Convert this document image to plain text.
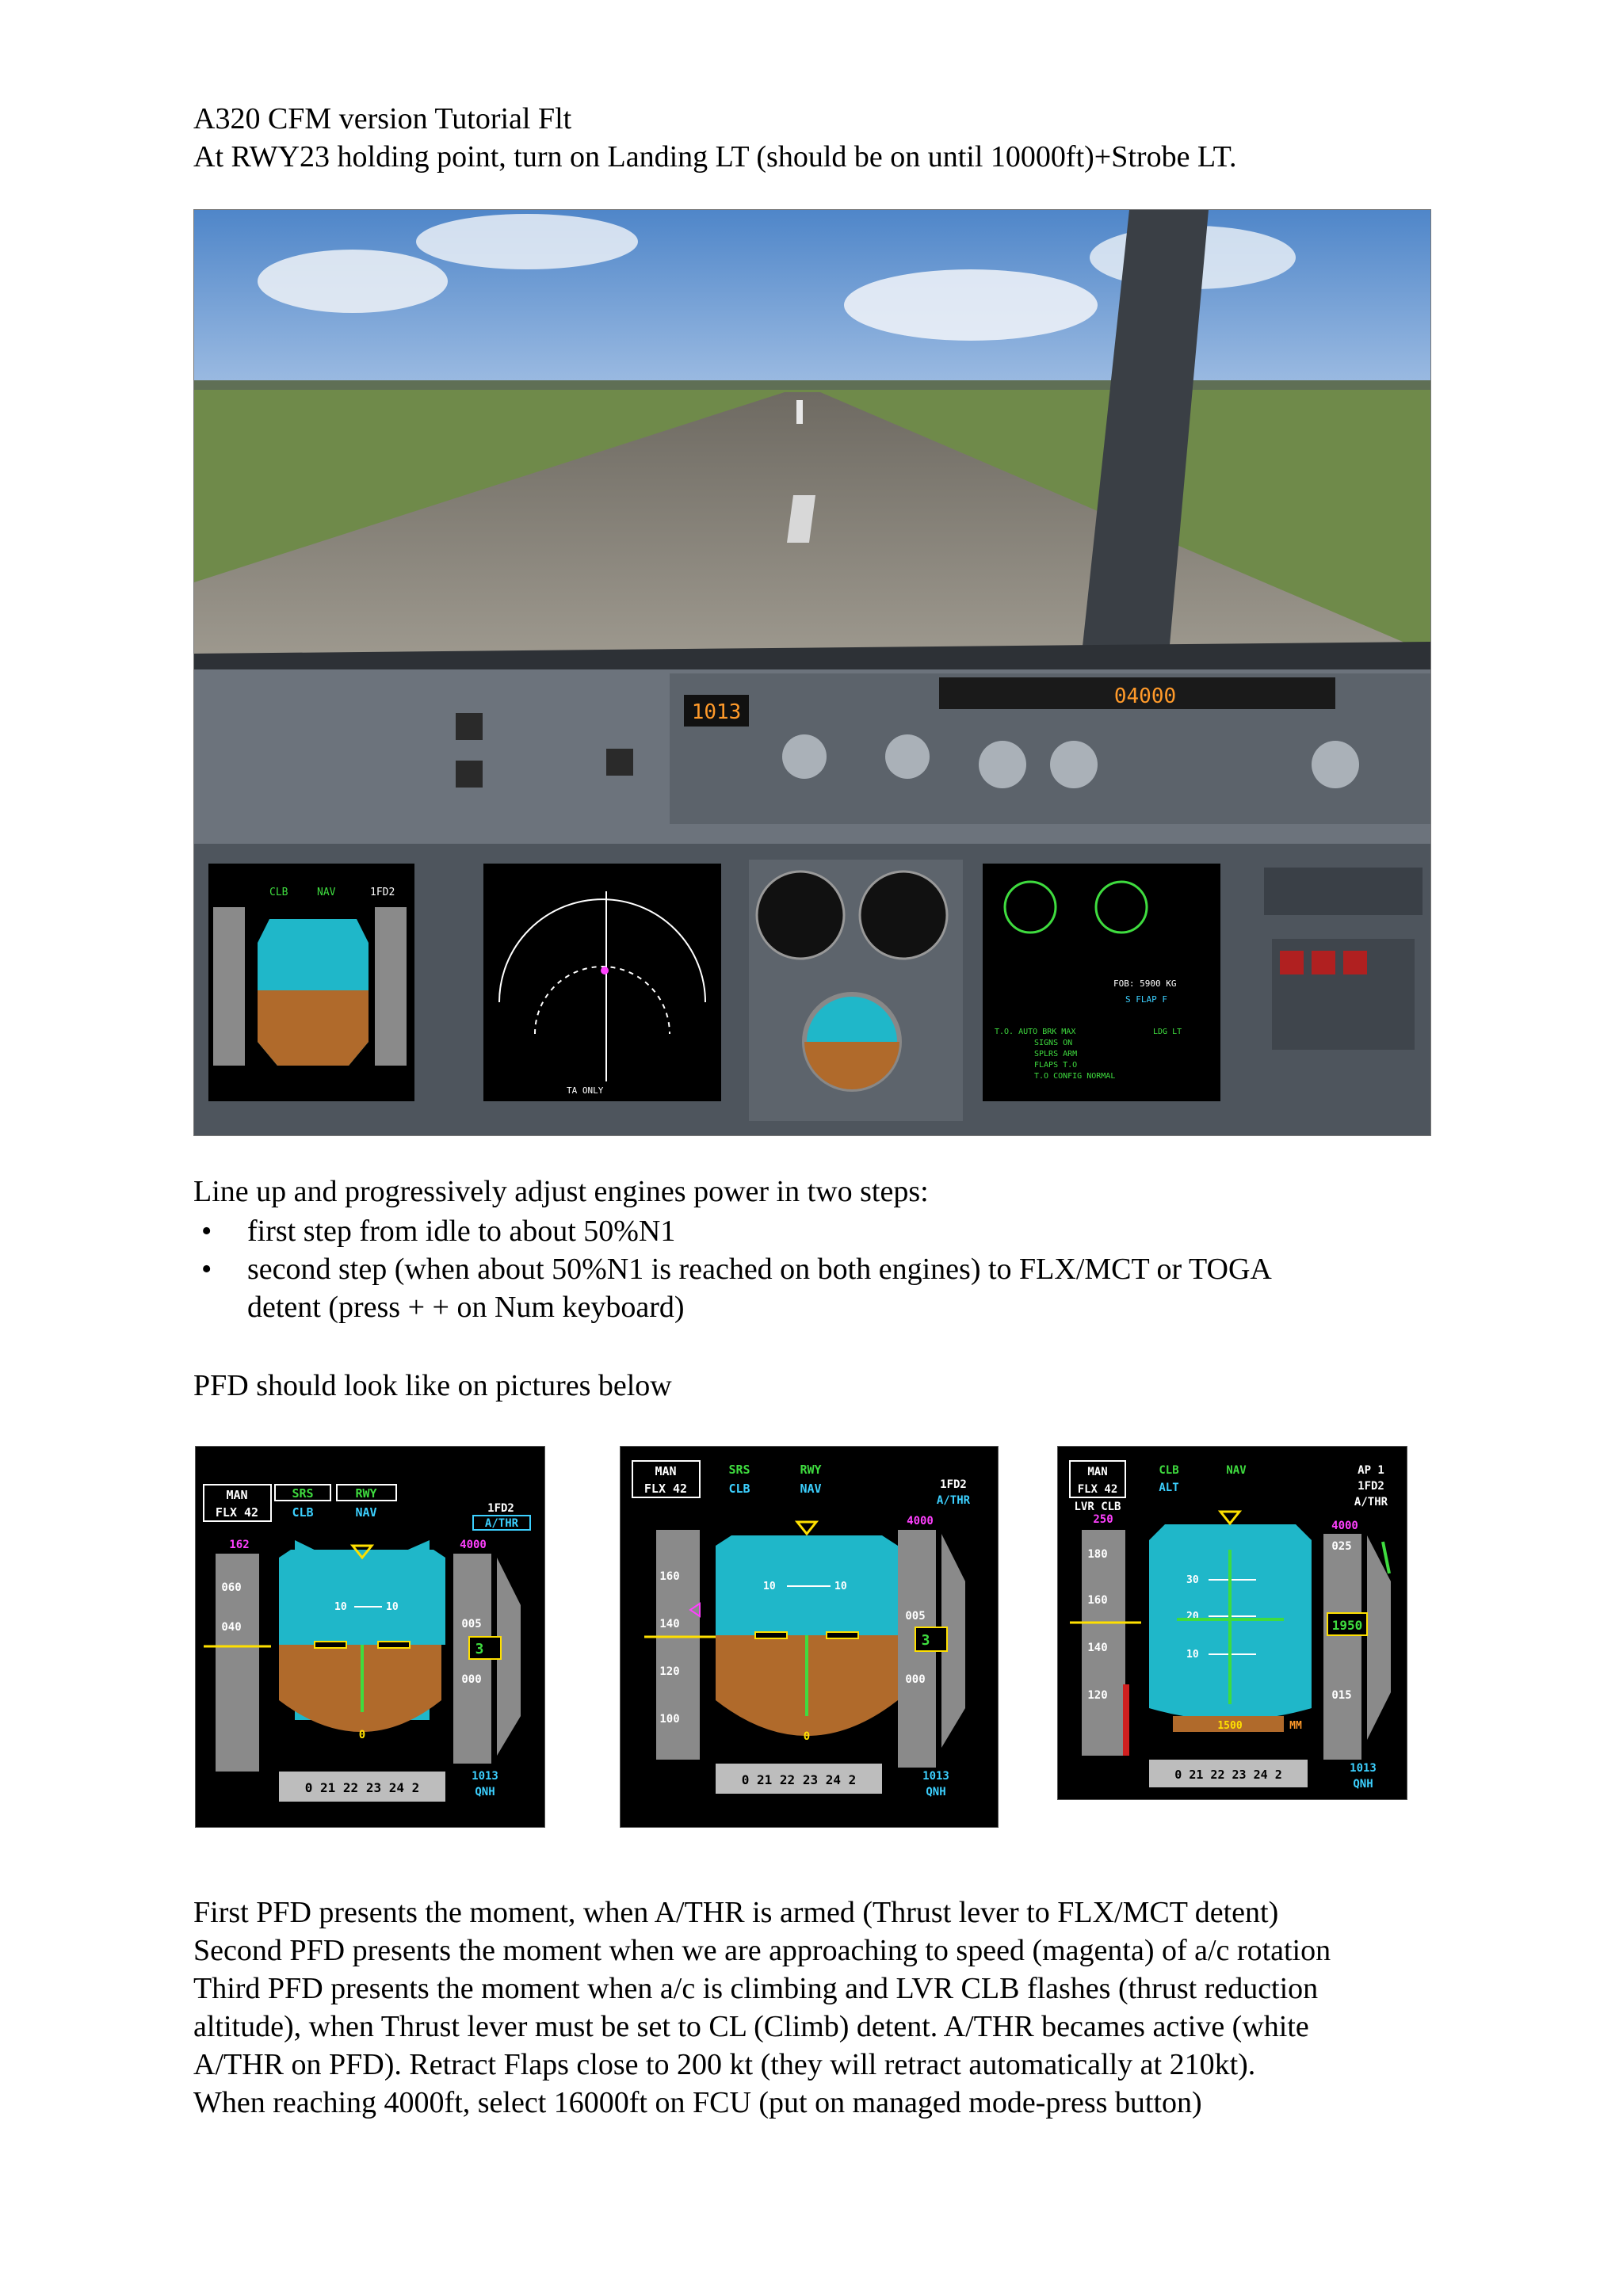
A320 CFM version Tutorial Flt
At RWY23 holding point, turn on Landing LT (should be on until 10000ft)+Strobe LT.
1013
04000
CLB	NAV	1FD2
TA ONLY
FOB: 5900 KG
S FLAP F
T.O. AUTO BRK MAX
SIGNS ON
SPLRS ARM
FLAPS T.O
T.O CONFIG NORMAL
LDG LT
Line up and progressively adjust engines power in two steps:
• first step from idle to about 50%N1
• second step (when about 50%N1 is reached on both engines) to FLX/MCT or TOGA
detent (press + + on Num keyboard)
PFD should look like on pictures below
MAN
FLX 42
SRS
CLB
RWY
NAV	1FD2
A/THR
162
060
040
10	10
0
4000
005
000
3
0 21 22 23 24 2
1013
QNH
MAN
FLX 42
SRS
CLB
RWY
NAV	1FD2
A/THR
160
140
120
100
10	10
0
4000
005
000
3
0 21 22 23 24 2	1013
QNH
MAN
FLX 42
LVR CLB
CLB
ALT
NAV	AP 1
1FD2
A/THR
250
180
160
140
120
30
20
10
1500	MM
4000
025
015
1950
0 21 22 23 24 2	1013
QNH
First PFD presents the moment, when A/THR is armed (Thrust lever to FLX/MCT detent)
Second PFD presents the moment when we are approaching to speed (magenta) of a/c rotation
Third PFD presents the moment when a/c is climbing and LVR CLB flashes (thrust reduction
altitude), when Thrust lever must be set to CL (Climb) detent. A/THR becames active (white
A/THR on PFD). Retract Flaps close to 200 kt (they will retract automatically at 210kt).
When reaching 4000ft, select 16000ft on FCU (put on managed mode-press button)
